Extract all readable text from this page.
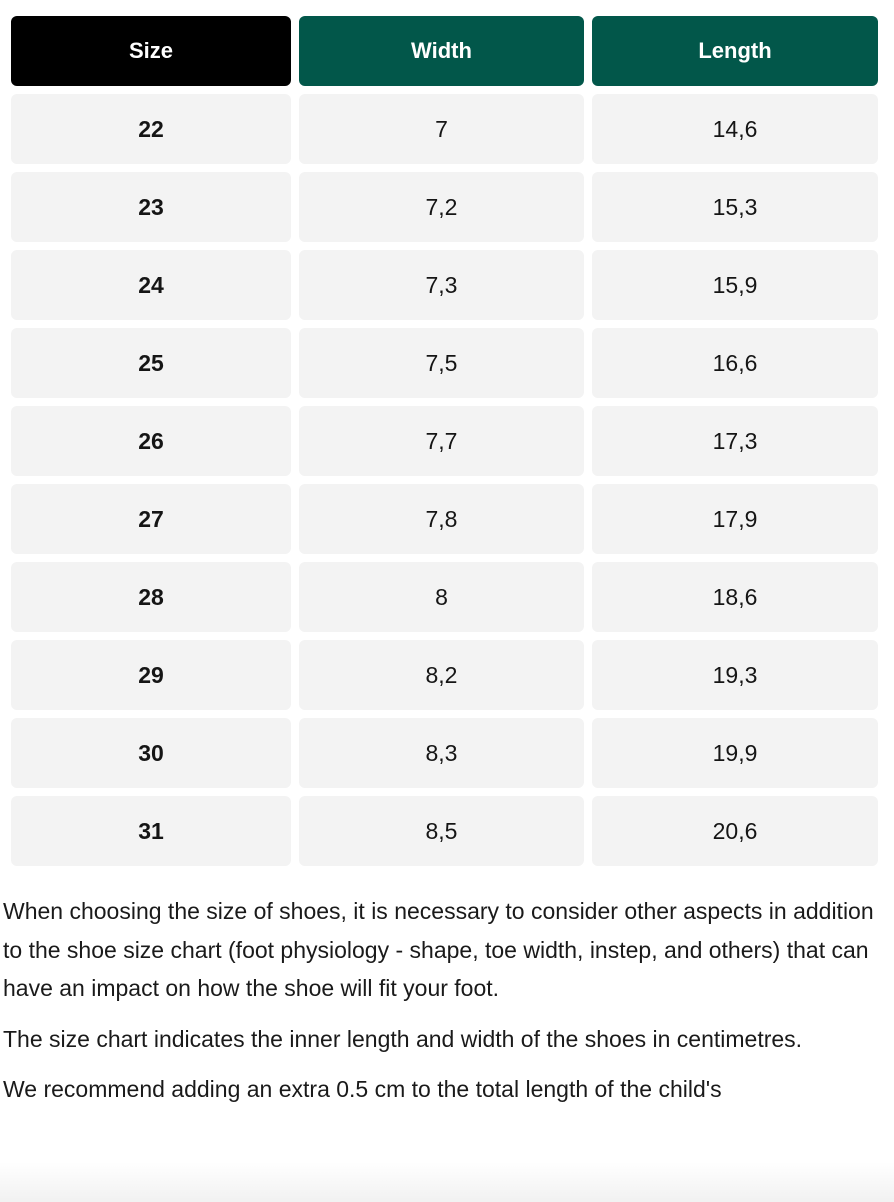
Size	Width	Length
22	7	14,6
23	7,2	15,3
24	7,3	15,9
25	7,5	16,6
26	7,7	17,3
27	7,8	17,9
28	8	18,6
29	8,2	19,3
30	8,3	19,9
31	8,5	20,6

When choosing the size of shoes, it is necessary to consider other aspects in addition to the shoe size chart (foot physiology - shape, toe width, instep, and others) that can have an impact on how the shoe will fit your foot.

The size chart indicates the inner length and width of the shoes in centimetres.

We recommend adding an extra 0.5 cm to the total length of the child's
